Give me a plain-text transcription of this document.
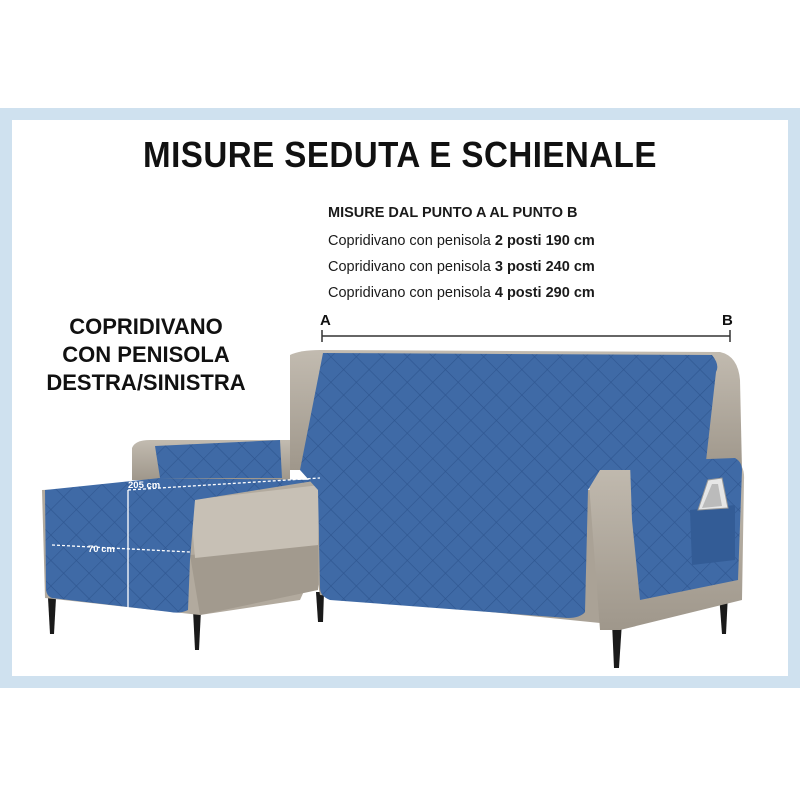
MISURE SEDUTA E SCHIENALE
MISURE DAL PUNTO A AL PUNTO B
Copridivano con penisola 2 posti 190 cm
Copridivano con penisola 3 posti 240 cm
Copridivano con penisola 4 posti 290 cm
COPRIDIVANO
CON PENISOLA
DESTRA/SINISTRA
A	B
205 cm
70 cm
